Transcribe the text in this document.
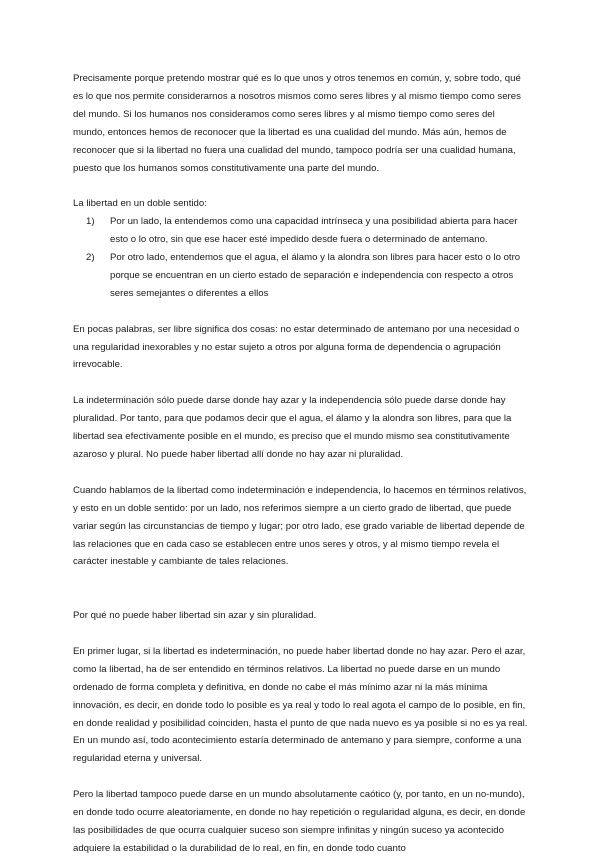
Precisamente porque pretendo mostrar qué es lo que unos y otros tenemos en común, y, sobre todo, qué es lo que nos permite considerarnos a nosotros mismos como seres libres y al mismo tiempo como seres del mundo. Si los humanos nos consideramos como seres libres y al mismo tiempo como seres del mundo, entonces hemos de reconocer que la libertad es una cualidad del mundo. Más aún, hemos de reconocer que si la libertad no fuera una cualidad del mundo, tampoco podría ser una cualidad humana, puesto que los humanos somos constitutivamente una parte del mundo.

La libertad en un doble sentido:

1) Por un lado, la entendemos como una capacidad intrínseca y una posibilidad abierta para hacer esto o lo otro, sin que ese hacer esté impedido desde fuera o determinado de antemano.
2) Por otro lado, entendemos que el agua, el álamo y la alondra son libres para hacer esto o lo otro porque se encuentran en un cierto estado de separación e independencia con respecto a otros seres semejantes o diferentes a ellos

En pocas palabras, ser libre significa dos cosas: no estar determinado de antemano por una necesidad o una regularidad inexorables y no estar sujeto a otros por alguna forma de dependencia o agrupación irrevocable.

La indeterminación sólo puede darse donde hay azar y la independencia sólo puede darse donde hay pluralidad. Por tanto, para que podamos decir que el agua, el álamo y la alondra son libres, para que la libertad sea efectivamente posible en el mundo, es preciso que el mundo mismo sea constitutivamente azaroso y plural. No puede haber libertad allí donde no hay azar ni pluralidad.

Cuando hablamos de la libertad como indeterminación e independencia, lo hacemos en términos relativos, y esto en un doble sentido: por un lado, nos referimos siempre a un cierto grado de libertad, que puede variar según las circunstancias de tiempo y lugar; por otro lado, ese grado variable de libertad depende de las relaciones que en cada caso se establecen entre unos seres y otros, y al mismo tiempo revela el carácter inestable y cambiante de tales relaciones.

Por qué no puede haber libertad sin azar y sin pluralidad.

En primer lugar, si la libertad es indeterminación, no puede haber libertad donde no hay azar. Pero el azar, como la libertad, ha de ser entendido en términos relativos. La libertad no puede darse en un mundo ordenado de forma completa y definitiva, en donde no cabe el más mínimo azar ni la más mínima innovación, es decir, en donde todo lo posible es ya real y todo lo real agota el campo de lo posible, en fin, en donde realidad y posibilidad coinciden, hasta el punto de que nada nuevo es ya posible si no es ya real. En un mundo así, todo acontecimiento estaría determinado de antemano y para siempre, conforme a una regularidad eterna y universal.

Pero la libertad tampoco puede darse en un mundo absolutamente caótico (y, por tanto, en un no-mundo), en donde todo ocurre aleatoriamente, en donde no hay repetición o regularidad alguna, es decir, en donde las posibilidades de que ocurra cualquier suceso son siempre infinitas y ningún suceso ya acontecido adquiere la estabilidad o la durabilidad de lo real, en fin, en donde todo cuanto
